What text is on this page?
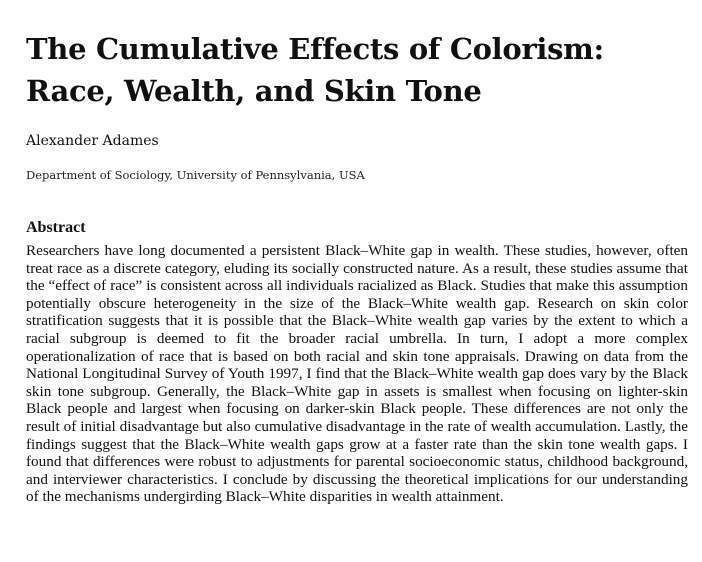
The Cumulative Effects of Colorism:
Race, Wealth, and Skin Tone

Alexander Adames

Department of Sociology, University of Pennsylvania, USA

Abstract

Researchers have long documented a persistent Black–White gap in wealth. These studies, however, often treat race as a discrete category, eluding its socially constructed nature. As a result, these studies assume that the “effect of race” is consistent across all individuals racialized as Black. Studies that make this assumption potentially obscure heterogeneity in the size of the Black–White wealth gap. Research on skin color stratification suggests that it is possible that the Black–White wealth gap varies by the extent to which a racial subgroup is deemed to fit the broader racial umbrella. In turn, I adopt a more complex operationalization of race that is based on both racial and skin tone appraisals. Drawing on data from the National Longitudinal Survey of Youth 1997, I find that the Black–White wealth gap does vary by the Black skin tone subgroup. Generally, the Black–White gap in assets is smallest when focusing on lighter-skin Black people and largest when focusing on darker-skin Black people. These differences are not only the result of initial disadvantage but also cumulative disadvantage in the rate of wealth accumulation. Lastly, the findings suggest that the Black–White wealth gaps grow at a faster rate than the skin tone wealth gaps. I found that differences were robust to adjustments for parental socioeconomic status, childhood background, and interviewer characteristics. I conclude by discussing the theoretical implications for our understanding of the mechanisms undergirding Black–White disparities in wealth attainment.
